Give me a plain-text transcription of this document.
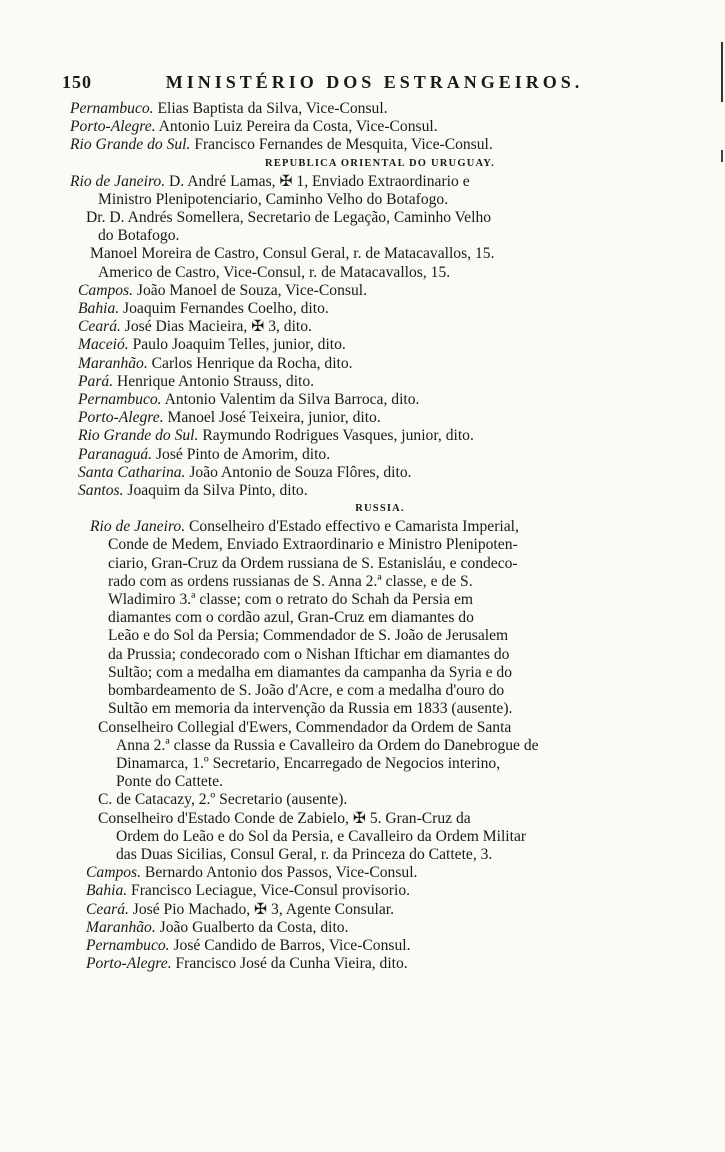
150	MINISTÉRIO DOS ESTRANGEIROS.
Pernambuco. Elias Baptista da Silva, Vice-Consul.
Porto-Alegre. Antonio Luiz Pereira da Costa, Vice-Consul.
Rio Grande do Sul. Francisco Fernandes de Mesquita, Vice-Consul.
REPUBLICA ORIENTAL DO URUGUAY.
Rio de Janeiro. D. André Lamas, ✠ 1, Enviado Extraordinario e
Ministro Plenipotenciario, Caminho Velho do Botafogo.
Dr. D. Andrés Somellera, Secretario de Legação, Caminho Velho
do Botafogo.
Manoel Moreira de Castro, Consul Geral, r. de Matacavallos, 15.
Americo de Castro, Vice-Consul, r. de Matacavallos, 15.
Campos. João Manoel de Souza, Vice-Consul.
Bahia. Joaquim Fernandes Coelho, dito.
Ceará. José Dias Macieira, ✠ 3, dito.
Maceió. Paulo Joaquim Telles, junior, dito.
Maranhão. Carlos Henrique da Rocha, dito.
Pará. Henrique Antonio Strauss, dito.
Pernambuco. Antonio Valentim da Silva Barroca, dito.
Porto-Alegre. Manoel José Teixeira, junior, dito.
Rio Grande do Sul. Raymundo Rodrigues Vasques, junior, dito.
Paranaguá. José Pinto de Amorim, dito.
Santa Catharina. João Antonio de Souza Flôres, dito.
Santos. Joaquim da Silva Pinto, dito.
RUSSIA.
Rio de Janeiro. Conselheiro d'Estado effectivo e Camarista Imperial,
Conde de Medem, Enviado Extraordinario e Ministro Plenipoten-
ciario, Gran-Cruz da Ordem russiana de S. Estanisláu, e condeco-
rado com as ordens russianas de S. Anna 2.ª classe, e de S.
Wladimiro 3.ª classe; com o retrato do Schah da Persia em
diamantes com o cordão azul, Gran-Cruz em diamantes do
Leão e do Sol da Persia; Commendador de S. João de Jerusalem
da Prussia; condecorado com o Nishan Iftichar em diamantes do
Sultão; com a medalha em diamantes da campanha da Syria e do
bombardeamento de S. João d'Acre, e com a medalha d'ouro do
Sultão em memoria da intervenção da Russia em 1833 (ausente).
Conselheiro Collegial d'Ewers, Commendador da Ordem de Santa
Anna 2.ª classe da Russia e Cavalleiro da Ordem do Danebrogue de
Dinamarca, 1.º Secretario, Encarregado de Negocios interino,
Ponte do Cattete.
C. de Catacazy, 2.º Secretario (ausente).
Conselheiro d'Estado Conde de Zabielo, ✠ 5. Gran-Cruz da
Ordem do Leão e do Sol da Persia, e Cavalleiro da Ordem Militar
das Duas Sicilias, Consul Geral, r. da Princeza do Cattete, 3.
Campos. Bernardo Antonio dos Passos, Vice-Consul.
Bahia. Francisco Leciague, Vice-Consul provisorio.
Ceará. José Pio Machado, ✠ 3, Agente Consular.
Maranhão. João Gualberto da Costa, dito.
Pernambuco. José Candido de Barros, Vice-Consul.
Porto-Alegre. Francisco José da Cunha Vieira, dito.
